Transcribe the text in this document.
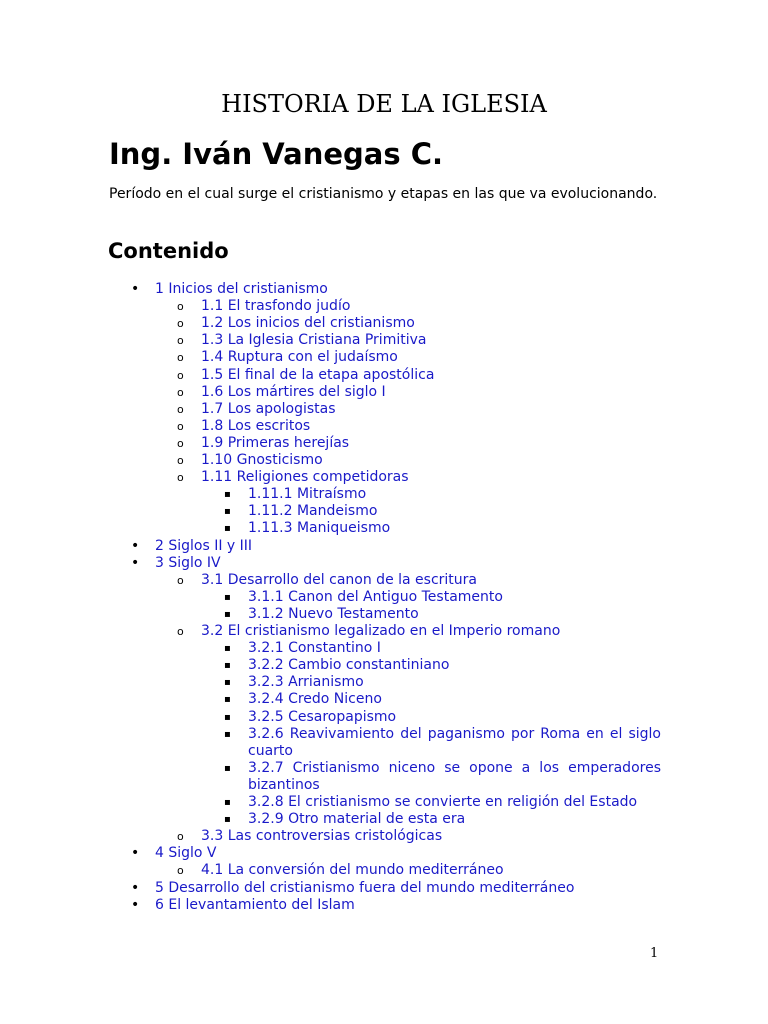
HISTORIA DE LA IGLESIA
Ing. Iván Vanegas C.

Período en el cual surge el cristianismo y etapas en las que va evolucionando.

Contenido
• 1 Inicios del cristianismo
o 1.1 El trasfondo judío
o 1.2 Los inicios del cristianismo
o 1.3 La Iglesia Cristiana Primitiva
o 1.4 Ruptura con el judaísmo
o 1.5 El final de la etapa apostólica
o 1.6 Los mártires del siglo I
o 1.7 Los apologistas
o 1.8 Los escritos
o 1.9 Primeras herejías
o 1.10 Gnosticismo
o 1.11 Religiones competidoras
▪ 1.11.1 Mitraísmo
▪ 1.11.2 Mandeismo
▪ 1.11.3 Maniqueismo
• 2 Siglos II y III
• 3 Siglo IV
o 3.1 Desarrollo del canon de la escritura
▪ 3.1.1 Canon del Antiguo Testamento
▪ 3.1.2 Nuevo Testamento
o 3.2 El cristianismo legalizado en el Imperio romano
▪ 3.2.1 Constantino I
▪ 3.2.2 Cambio constantiniano
▪ 3.2.3 Arrianismo
▪ 3.2.4 Credo Niceno
▪ 3.2.5 Cesaropapismo
▪ 3.2.6 Reavivamiento del paganismo por Roma en el siglo cuarto
▪ 3.2.7 Cristianismo niceno se opone a los emperadores bizantinos
▪ 3.2.8 El cristianismo se convierte en religión del Estado
▪ 3.2.9 Otro material de esta era
o 3.3 Las controversias cristológicas
• 4 Siglo V
o 4.1 La conversión del mundo mediterráneo
• 5 Desarrollo del cristianismo fuera del mundo mediterráneo
• 6 El levantamiento del Islam
1
